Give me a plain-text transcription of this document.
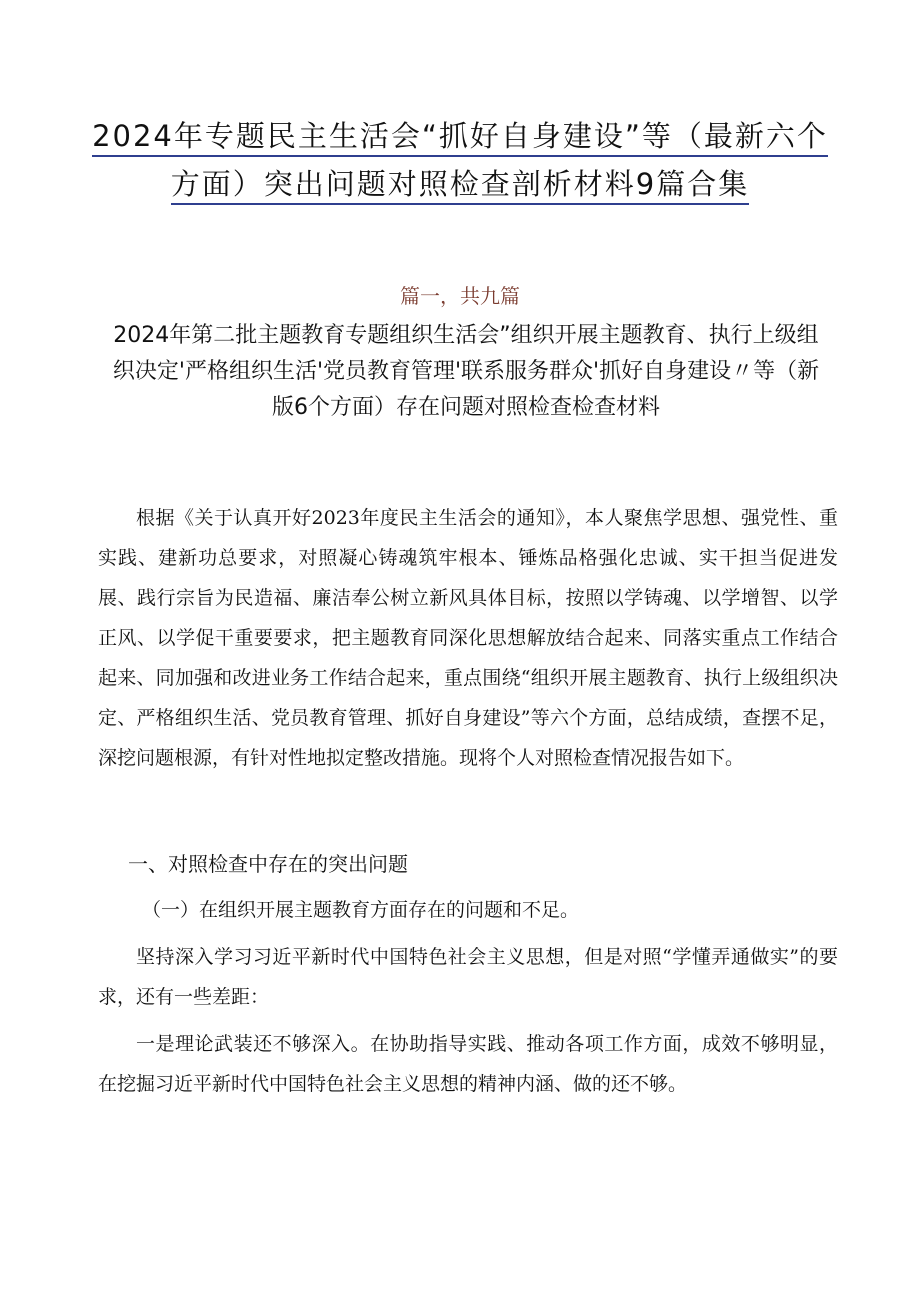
2024年专题民主生活会“抓好自身建设”等（最新六个
方面）突出问题对照检查剖析材料9篇合集
篇一，共九篇
2024年第二批主题教育专题组织生活会”组织开展主题教育、执行上级组织决定'严格组织生活'党员教育管理'联系服务群众'抓好自身建设〃等（新版6个方面）存在问题对照检查检查材料
根据《关于认真开好2023年度民主生活会的通知》，本人聚焦学思想、强党性、重实践、建新功总要求，对照凝心铸魂筑牢根本、锤炼品格强化忠诚、实干担当促进发展、践行宗旨为民造福、廉洁奉公树立新风具体目标，按照以学铸魂、以学增智、以学正风、以学促干重要要求，把主题教育同深化思想解放结合起来、同落实重点工作结合起来、同加强和改进业务工作结合起来，重点围绕“组织开展主题教育、执行上级组织决定、严格组织生活、党员教育管理、抓好自身建设”等六个方面，总结成绩，查摆不足，深挖问题根源，有针对性地拟定整改措施。现将个人对照检查情况报告如下。
一、对照检查中存在的突出问题
（一）在组织开展主题教育方面存在的问题和不足。
坚持深入学习习近平新时代中国特色社会主义思想，但是对照“学懂弄通做实”的要求，还有一些差距：
一是理论武装还不够深入。在协助指导实践、推动各项工作方面，成效不够明显，在挖掘习近平新时代中国特色社会主义思想的精神内涵、做的还不够。
